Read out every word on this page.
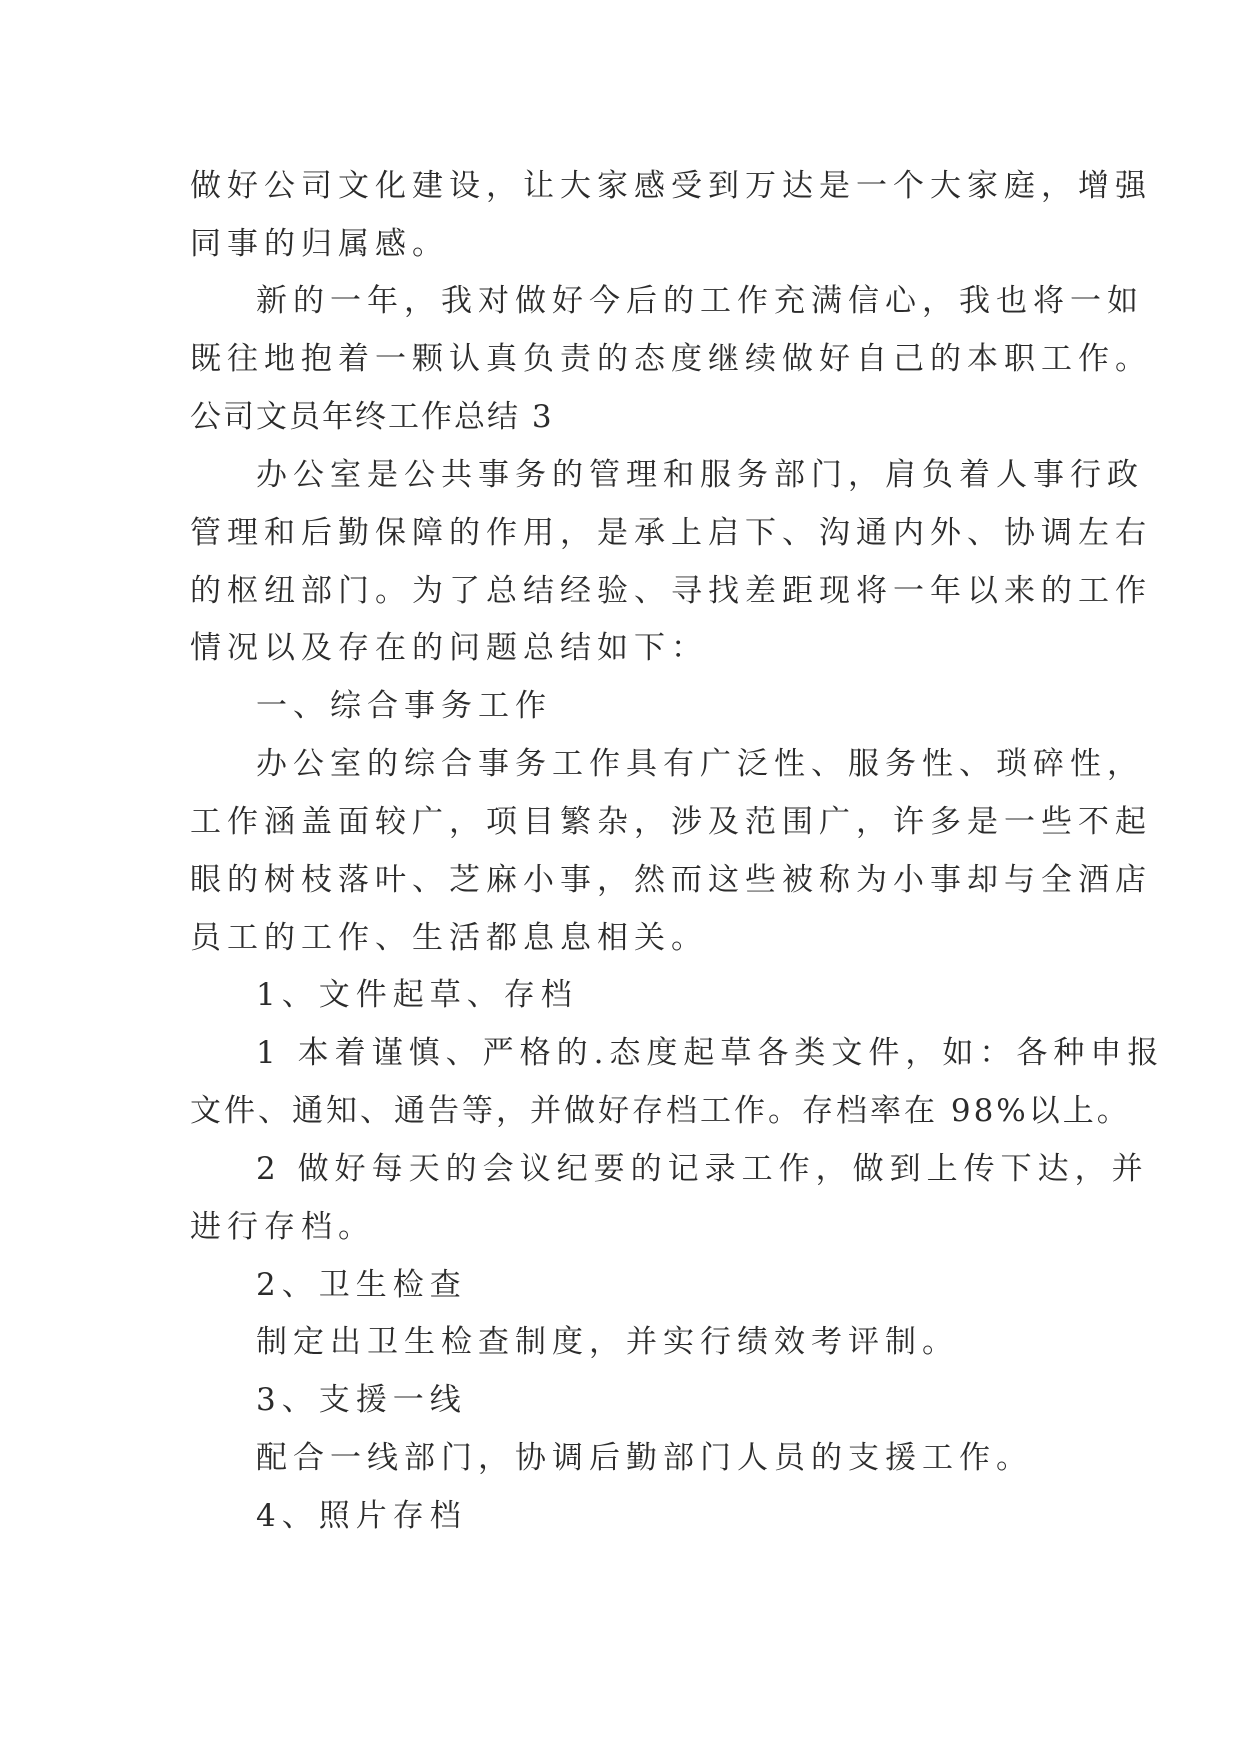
做好公司文化建设，让大家感受到万达是一个大家庭，增强
同事的归属感。
新的一年，我对做好今后的工作充满信心，我也将一如
既往地抱着一颗认真负责的态度继续做好自己的本职工作。
公司文员年终工作总结 3
办公室是公共事务的管理和服务部门，肩负着人事行政
管理和后勤保障的作用，是承上启下、沟通内外、协调左右
的枢纽部门。为了总结经验、寻找差距现将一年以来的工作
情况以及存在的问题总结如下：
一、综合事务工作
办公室的综合事务工作具有广泛性、服务性、琐碎性，
工作涵盖面较广，项目繁杂，涉及范围广，许多是一些不起
眼的树枝落叶、芝麻小事，然而这些被称为小事却与全酒店
员工的工作、生活都息息相关。
1、文件起草、存档
1 本着谨慎、严格的.态度起草各类文件，如：各种申报
文件、通知、通告等，并做好存档工作。存档率在 98%以上。
2 做好每天的会议纪要的记录工作，做到上传下达，并
进行存档。
2、卫生检查
制定出卫生检查制度，并实行绩效考评制。
3、支援一线
配合一线部门，协调后勤部门人员的支援工作。
4、照片存档
